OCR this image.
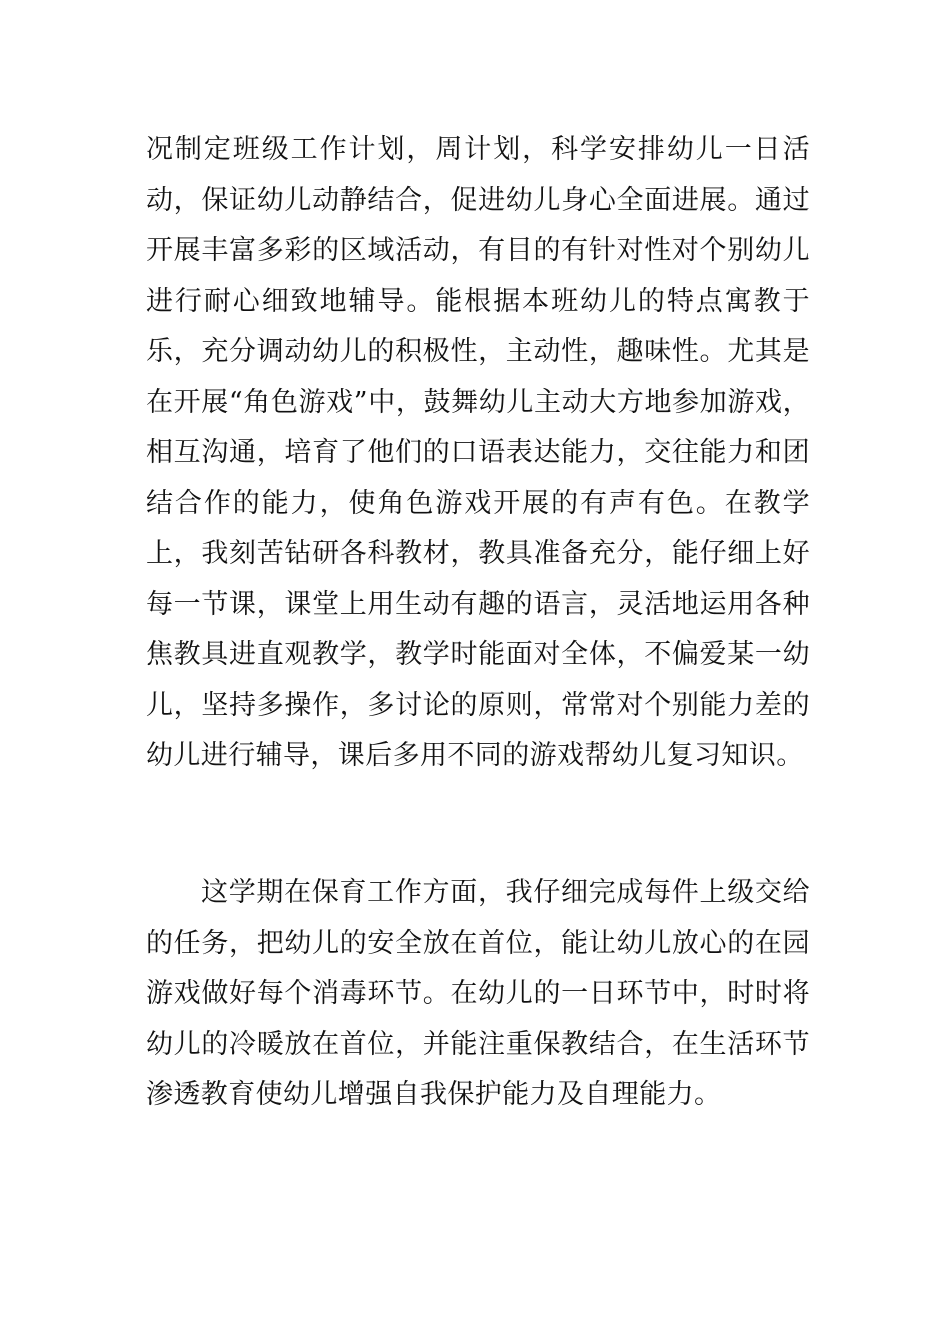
况制定班级工作计划，周计划，科学安排幼儿一日活动，保证幼儿动静结合，促进幼儿身心全面进展。通过开展丰富多彩的区域活动，有目的有针对性对个别幼儿进行耐心细致地辅导。能根据本班幼儿的特点寓教于乐，充分调动幼儿的积极性，主动性，趣味性。尤其是在开展“角色游戏”中，鼓舞幼儿主动大方地参加游戏，相互沟通，培育了他们的口语表达能力，交往能力和团结合作的能力，使角色游戏开展的有声有色。在教学上，我刻苦钻研各科教材，教具准备充分，能仔细上好每一节课，课堂上用生动有趣的语言，灵活地运用各种焦教具进直观教学，教学时能面对全体，不偏爱某一幼儿，坚持多操作，多讨论的原则，常常对个别能力差的幼儿进行辅导，课后多用不同的游戏帮幼儿复习知识。

这学期在保育工作方面，我仔细完成每件上级交给的任务，把幼儿的安全放在首位，能让幼儿放心的在园游戏做好每个消毒环节。在幼儿的一日环节中，时时将幼儿的冷暖放在首位，并能注重保教结合，在生活环节渗透教育使幼儿增强自我保护能力及自理能力。
